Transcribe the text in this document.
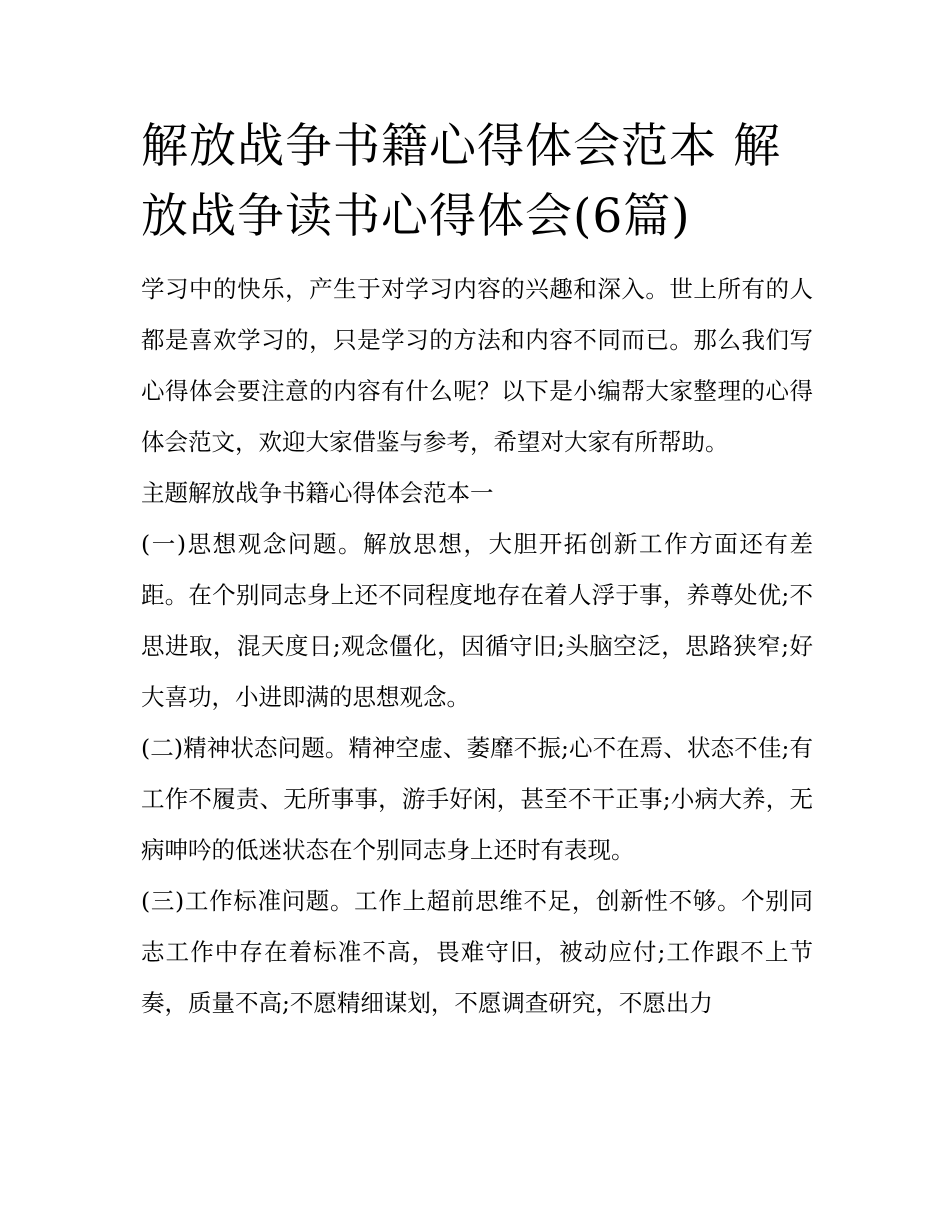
解放战争书籍心得体会范本 解放战争读书心得体会(6篇)

学习中的快乐，产生于对学习内容的兴趣和深入。世上所有的人都是喜欢学习的，只是学习的方法和内容不同而已。那么我们写心得体会要注意的内容有什么呢？以下是小编帮大家整理的心得体会范文，欢迎大家借鉴与参考，希望对大家有所帮助。

主题解放战争书籍心得体会范本一

(一)思想观念问题。解放思想，大胆开拓创新工作方面还有差距。在个别同志身上还不同程度地存在着人浮于事，养尊处优;不思进取，混天度日;观念僵化，因循守旧;头脑空泛，思路狭窄;好大喜功，小进即满的思想观念。

(二)精神状态问题。精神空虚、萎靡不振;心不在焉、状态不佳;有工作不履责、无所事事，游手好闲，甚至不干正事;小病大养，无病呻吟的低迷状态在个别同志身上还时有表现。

(三)工作标准问题。工作上超前思维不足，创新性不够。个别同志工作中存在着标准不高，畏难守旧，被动应付;工作跟不上节奏，质量不高;不愿精细谋划，不愿调查研究，不愿出力
